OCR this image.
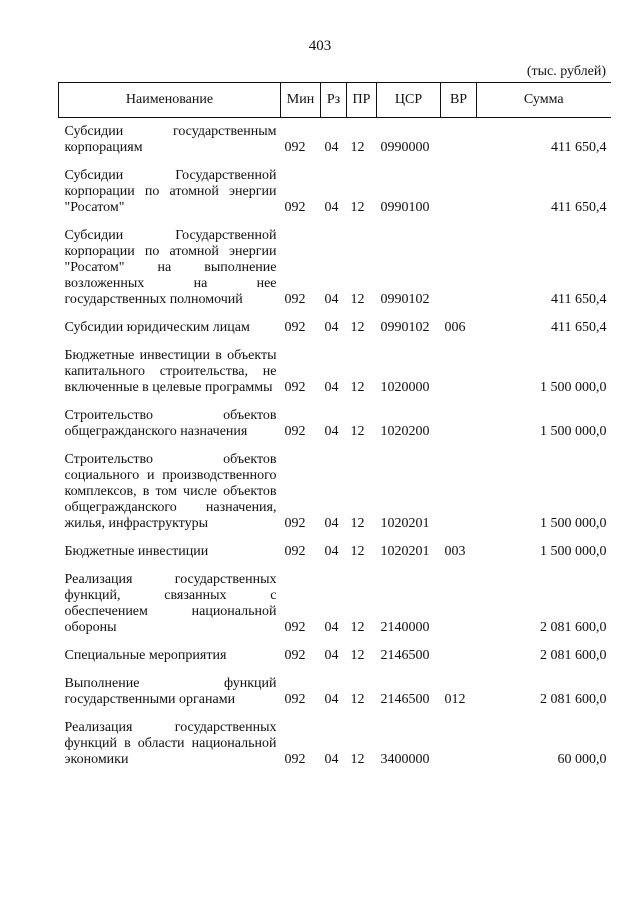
403
(тыс. рублей)
Наименование	Мин	Рз	ПР	ЦСР	ВР	Сумма
Субсидии государственным корпорациям	092	04	12	0990000		411 650,4
Субсидии Государственной корпорации по атомной энергии "Росатом"	092	04	12	0990100		411 650,4
Субсидии Государственной корпорации по атомной энергии "Росатом" на выполнение возложенных на нее государственных полномочий	092	04	12	0990102		411 650,4
Субсидии юридическим лицам	092	04	12	0990102	006	411 650,4
Бюджетные инвестиции в объекты капитального строительства, не включенные в целевые программы	092	04	12	1020000		1 500 000,0
Строительство объектов общегражданского назначения	092	04	12	1020200		1 500 000,0
Строительство объектов социального и производственного комплексов, в том числе объектов общегражданского назначения, жилья, инфраструктуры	092	04	12	1020201		1 500 000,0
Бюджетные инвестиции	092	04	12	1020201	003	1 500 000,0
Реализация государственных функций, связанных с обеспечением национальной обороны	092	04	12	2140000		2 081 600,0
Специальные мероприятия	092	04	12	2146500		2 081 600,0
Выполнение функций государственными органами	092	04	12	2146500	012	2 081 600,0
Реализация государственных функций в области национальной экономики	092	04	12	3400000		60 000,0
